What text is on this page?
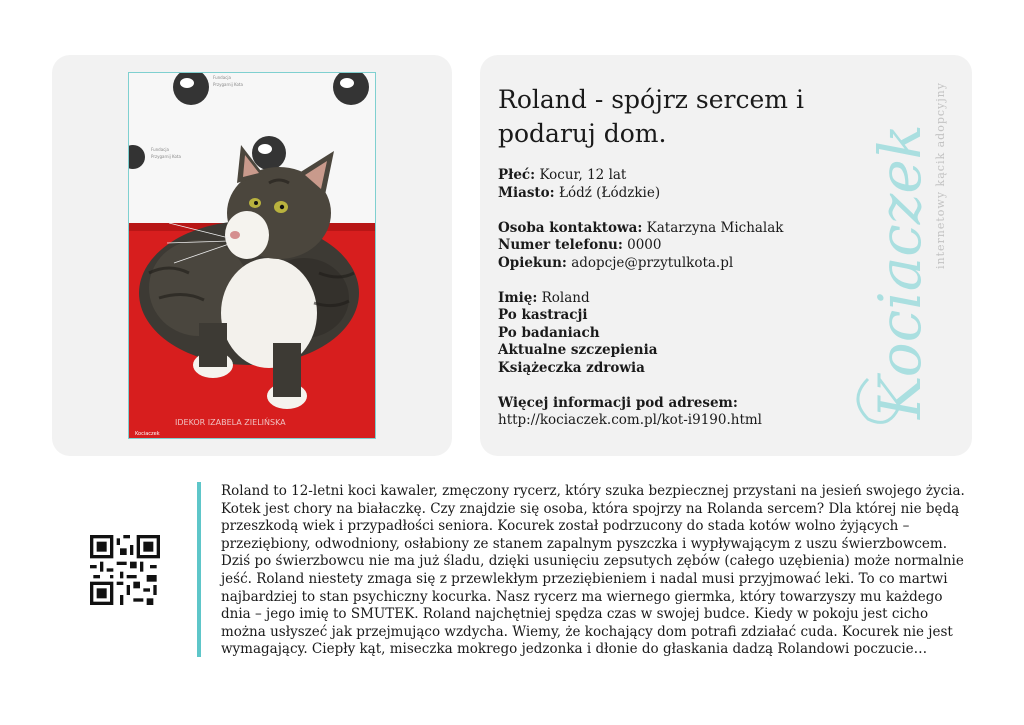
Fundacja
Przygarnij Kota
Fundacja
Przygarnij Kota
IDEKOR IZABELA ZIELIŃSKA
Kociaczek
Roland - spójrz sercem i podaruj dom.
Płeć: Kocur, 12 lat
Miasto: Łódź (Łódzkie)
Osoba kontaktowa: Katarzyna Michalak
Numer telefonu: 0000
Opiekun: adopcje@przytulkota.pl
Imię: Roland
Po kastracji
Po badaniach
Aktualne szczepienia
Książeczka zdrowia
Więcej informacji pod adresem:
http://kociaczek.com.pl/kot-i9190.html
Kociaczek internetowy kącik adopcyjny

Roland to 12-letni koci kawaler, zmęczony rycerz, który szuka bezpiecznej przystani na jesień swojego życia. Kotek jest chory na białaczkę. Czy znajdzie się osoba, która spojrzy na Rolanda sercem? Dla której nie będą przeszkodą wiek i przypadłości seniora. Kocurek został podrzucony do stada kotów wolno żyjących – przeziębiony, odwodniony, osłabiony ze stanem zapalnym pyszczka i wypływającym z uszu świerzbowcem. Dziś po świerzbowcu nie ma już śladu, dzięki usunięciu zepsutych zębów (całego uzębienia) może normalnie jeść. Roland niestety zmaga się z przewlekłym przeziębieniem i nadal musi przyjmować leki. To co martwi najbardziej to stan psychiczny kocurka. Nasz rycerz ma wiernego giermka, który towarzyszy mu każdego dnia – jego imię to SMUTEK. Roland najchętniej spędza czas w swojej budce. Kiedy w pokoju jest cicho można usłyszeć jak przejmująco wzdycha. Wiemy, że kochający dom potrafi zdziałać cuda. Kocurek nie jest wymagający. Ciepły kąt, miseczka mokrego jedzonka i dłonie do głaskania dadzą Rolandowi poczucie…
